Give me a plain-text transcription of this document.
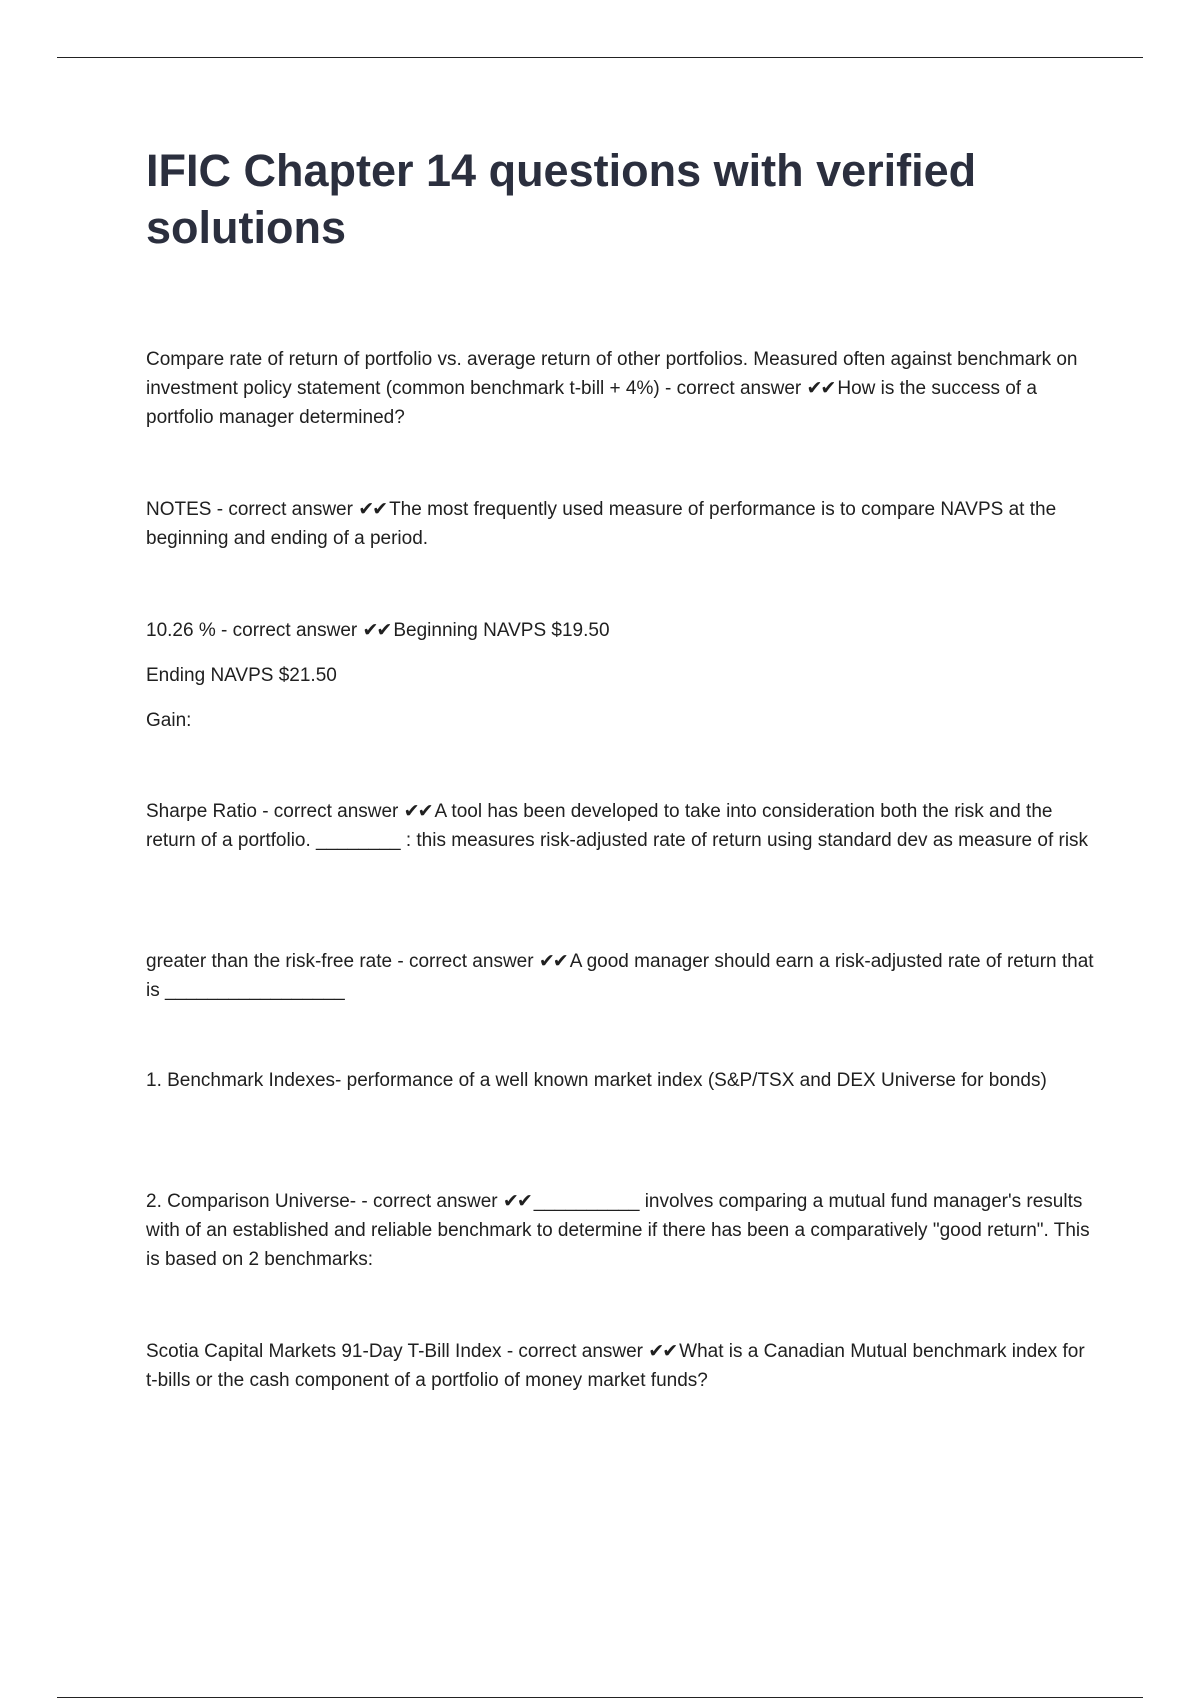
IFIC Chapter 14 questions with verified solutions

Compare rate of return of portfolio vs. average return of other portfolios. Measured often against benchmark on investment policy statement (common benchmark t-bill + 4%) - correct answer ✔✔ How is the success of a portfolio manager determined?

NOTES - correct answer ✔✔ The most frequently used measure of performance is to compare NAVPS at the beginning and ending of a period.

10.26 % - correct answer ✔✔ Beginning NAVPS $19.50

Ending NAVPS $21.50

Gain:

Sharpe Ratio - correct answer ✔✔ A tool has been developed to take into consideration both the risk and the return of a portfolio. ________ : this measures risk-adjusted rate of return using standard dev as measure of risk

greater than the risk-free rate - correct answer ✔✔ A good manager should earn a risk-adjusted rate of return that is _________________

1. Benchmark Indexes- performance of a well known market index (S&P/TSX and DEX Universe for bonds)

2. Comparison Universe- - correct answer ✔✔ __________ involves comparing a mutual fund manager's results with of an established and reliable benchmark to determine if there has been a comparatively "good return". This is based on 2 benchmarks:

Scotia Capital Markets 91-Day T-Bill Index - correct answer ✔✔ What is a Canadian Mutual benchmark index for t-bills or the cash component of a portfolio of money market funds?
